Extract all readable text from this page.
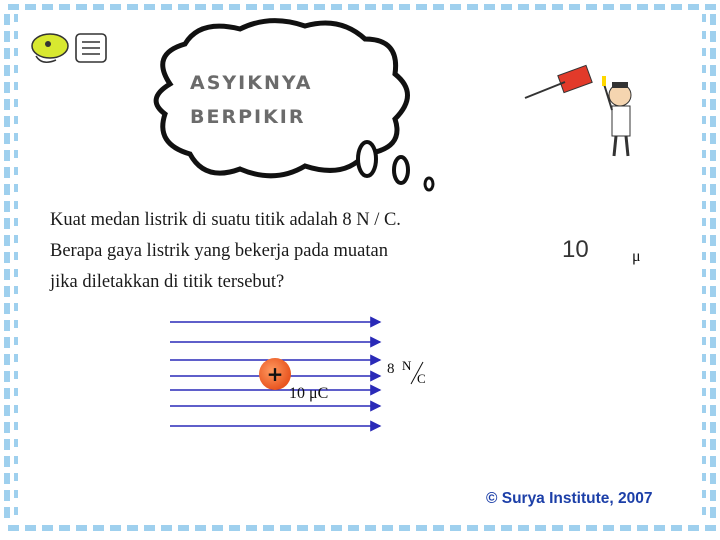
ASYIKNYA
BERPIKIR
Kuat medan listrik di suatu titik adalah 8 N / C.
Berapa gaya listrik yang bekerja pada muatan
jika diletakkan di titik tersebut?
10	μ
+
10 μC
8 N
C
© Surya Institute, 2007
